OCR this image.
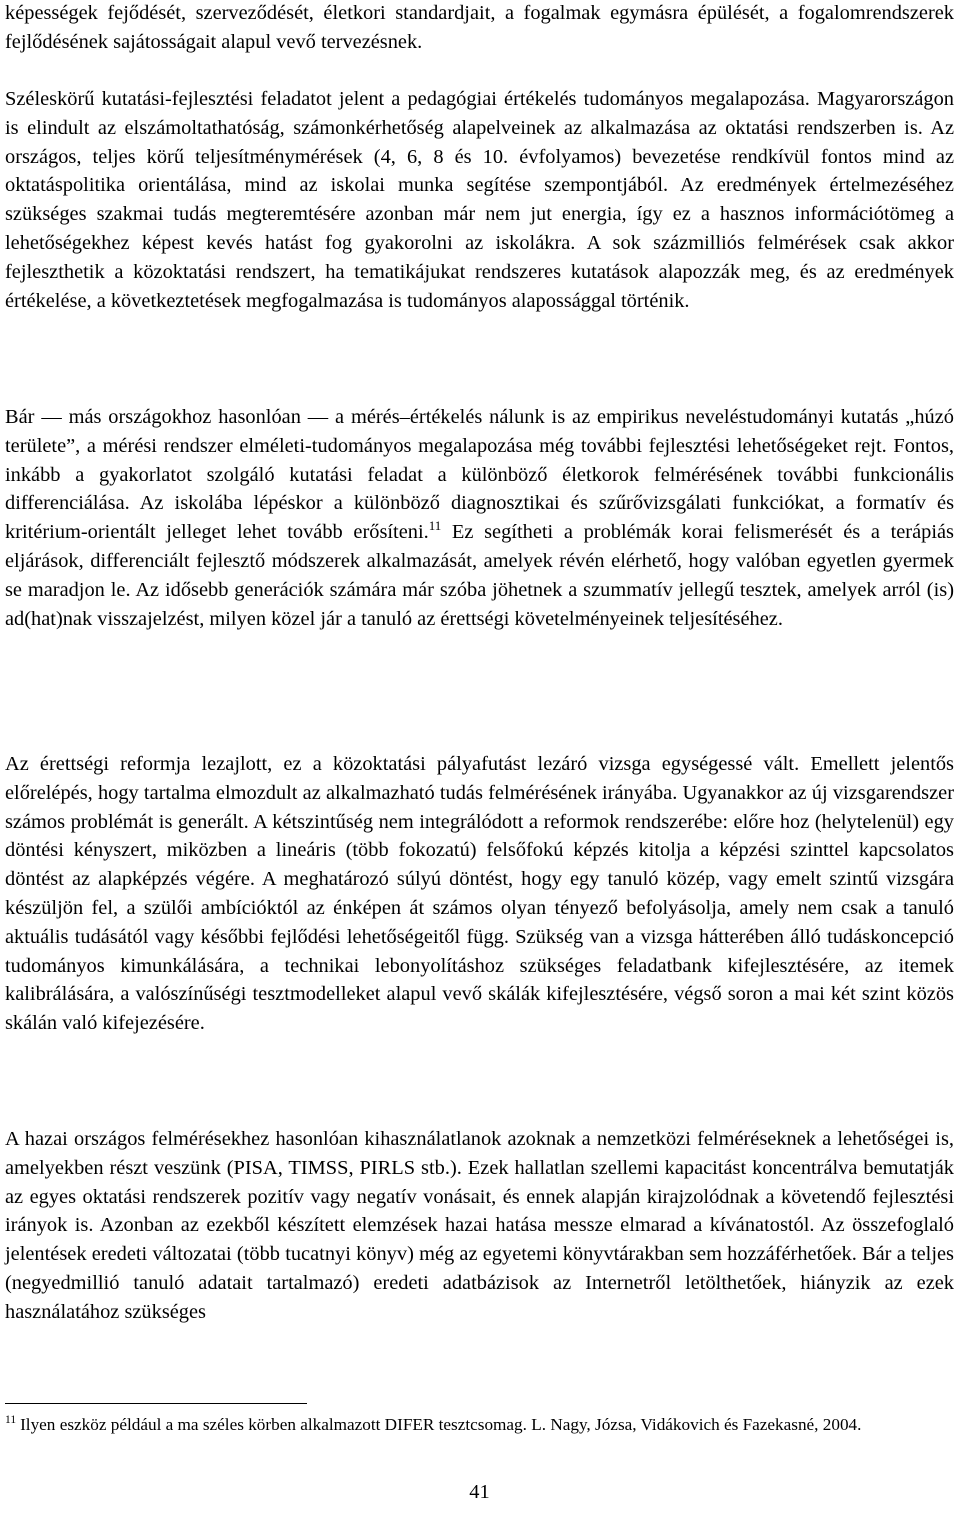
képességek fejődését, szerveződését, életkori standardjait, a fogalmak egymásra épülését, a fogalomrendszerek fejlődésének sajátosságait alapul vevő tervezésnek.

Széleskörű kutatási-fejlesztési feladatot jelent a pedagógiai értékelés tudományos megalapozása. Magyarországon is elindult az elszámoltathatóság, számonkérhetőség alapelveinek az alkalmazása az oktatási rendszerben is. Az országos, teljes körű teljesítménymérések (4, 6, 8 és 10. évfolyamos) bevezetése rendkívül fontos mind az oktatáspolitika orientálása, mind az iskolai munka segítése szempontjából. Az eredmények értelmezéséhez szükséges szakmai tudás megteremtésére azonban már nem jut energia, így ez a hasznos információtömeg a lehetőségekhez képest kevés hatást fog gyakorolni az iskolákra. A sok százmilliós felmérések csak akkor fejleszthetik a közoktatási rendszert, ha tematikájukat rendszeres kutatások alapozzák meg, és az eredmények értékelése, a következtetések megfogalmazása is tudományos alapossággal történik.

Bár — más országokhoz hasonlóan — a mérés–értékelés nálunk is az empirikus neveléstudományi kutatás „húzó területe”, a mérési rendszer elméleti-tudományos megalapozása még további fejlesztési lehetőségeket rejt. Fontos, inkább a gyakorlatot szolgáló kutatási feladat a különböző életkorok felmérésének további funkcionális differenciálása. Az iskolába lépéskor a különböző diagnosztikai és szűrővizsgálati funkciókat, a formatív és kritérium-orientált jelleget lehet tovább erősíteni.$^{11}$ Ez segítheti a problémák korai felismerését és a terápiás eljárások, differenciált fejlesztő módszerek alkalmazását, amelyek révén elérhető, hogy valóban egyetlen gyermek se maradjon le. Az idősebb generációk számára már szóba jöhetnek a szummatív jellegű tesztek, amelyek arról (is) ad(hat)nak visszajelzést, milyen közel jár a tanuló az érettségi követelményeinek teljesítéséhez.

Az érettségi reformja lezajlott, ez a közoktatási pályafutást lezáró vizsga egységessé vált. Emellett jelentős előrelépés, hogy tartalma elmozdult az alkalmazható tudás felmérésének irányába. Ugyanakkor az új vizsgarendszer számos problémát is generált. A kétszintűség nem integrálódott a reformok rendszerébe: előre hoz (helytelenül) egy döntési kényszert, miközben a lineáris (több fokozatú) felsőfokú képzés kitolja a képzési szinttel kapcsolatos döntést az alapképzés végére. A meghatározó súlyú döntést, hogy egy tanuló közép, vagy emelt szintű vizsgára készüljön fel, a szülői ambícióktól az énképen át számos olyan tényező befolyásolja, amely nem csak a tanuló aktuális tudásától vagy későbbi fejlődési lehetőségeitől függ. Szükség van a vizsga hátterében álló tudáskoncepció tudományos kimunkálására, a technikai lebonyolításhoz szükséges feladatbank kifejlesztésére, az itemek kalibrálására, a valószínűségi tesztmodelleket alapul vevő skálák kifejlesztésére, végső soron a mai két szint közös skálán való kifejezésére.

A hazai országos felmérésekhez hasonlóan kihasználatlanok azoknak a nemzetközi felméréseknek a lehetőségei is, amelyekben részt veszünk (PISA, TIMSS, PIRLS stb.). Ezek hallatlan szellemi kapacitást koncentrálva bemutatják az egyes oktatási rendszerek pozitív vagy negatív vonásait, és ennek alapján kirajzolódnak a követendő fejlesztési irányok is. Azonban az ezekből készített elemzések hazai hatása messze elmarad a kívánatostól. Az összefoglaló jelentések eredeti változatai (több tucatnyi könyv) még az egyetemi könyvtárakban sem hozzáférhetőek. Bár a teljes (negyedmillió tanuló adatait tartalmazó) eredeti adatbázisok az Internetről letölthetőek, hiányzik az ezek használatához szükséges

$^{11}$ Ilyen eszköz például a ma széles körben alkalmazott DIFER tesztcsomag. L. Nagy, Józsa, Vidákovich és Fazekasné, 2004.

41
